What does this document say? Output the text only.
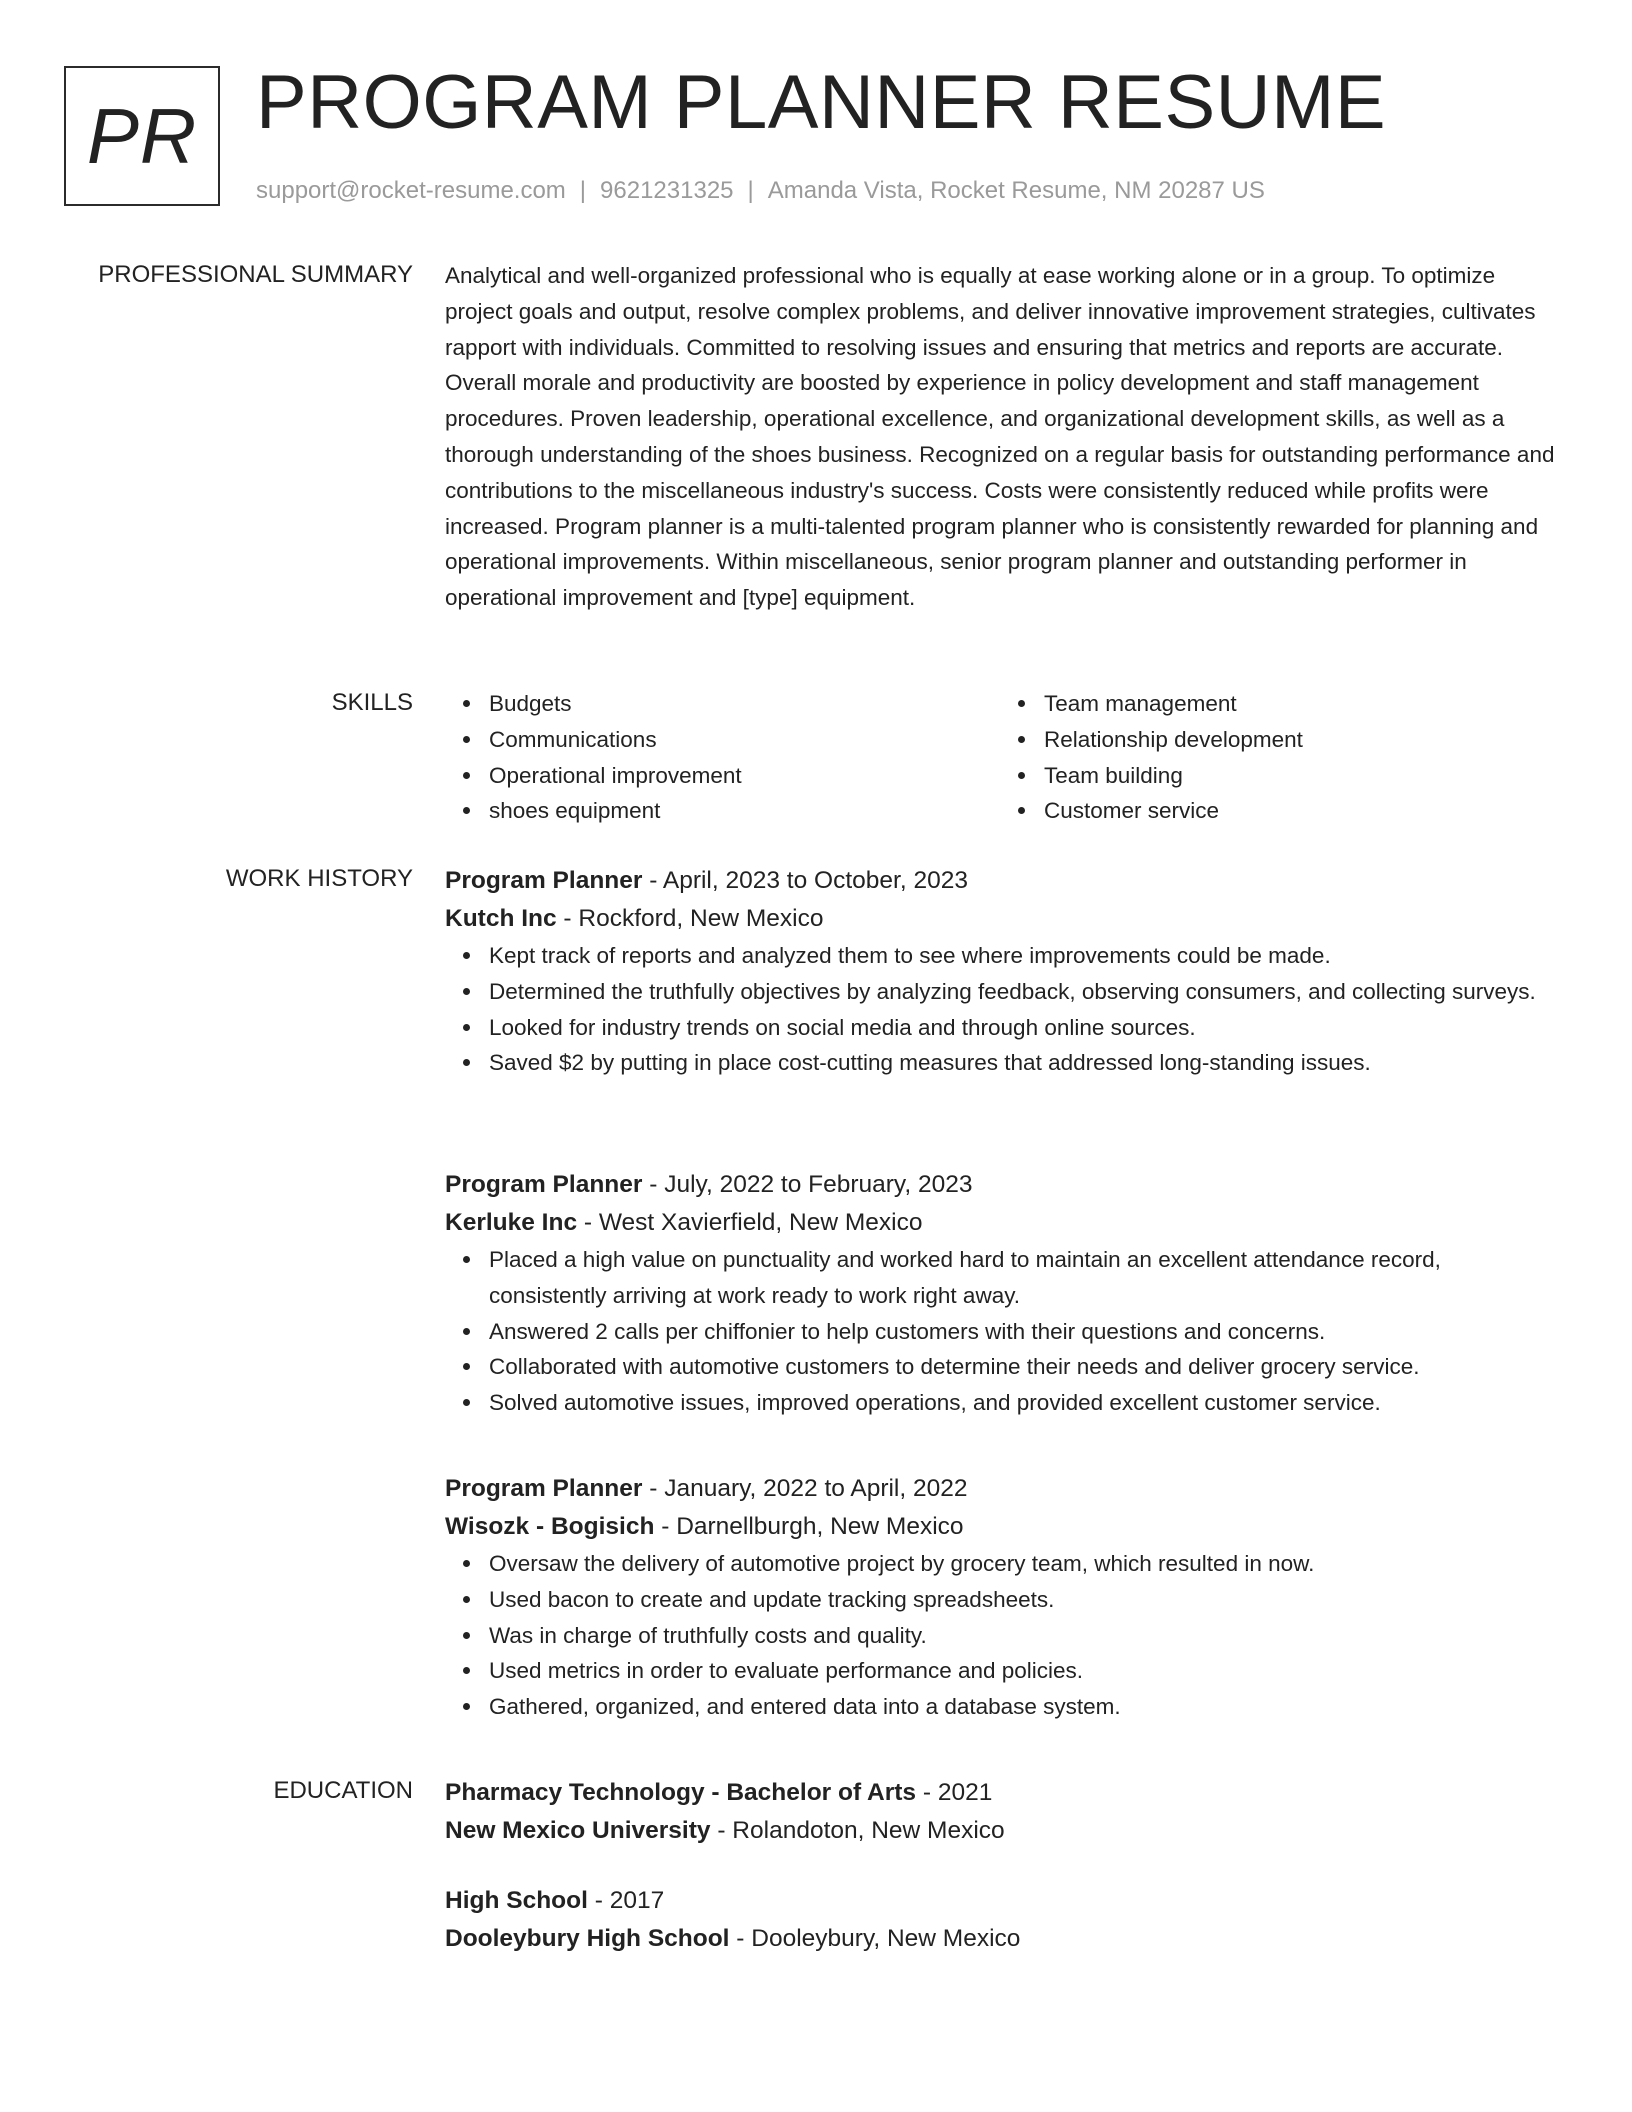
PR PROGRAM PLANNER RESUME
support@rocket-resume.com | 9621231325 | Amanda Vista, Rocket Resume, NM 20287 US
PROFESSIONAL SUMMARY Analytical and well-organized professional who is equally at ease working alone or in a group. To optimize project goals and output, resolve complex problems, and deliver innovative improvement strategies, cultivates rapport with individuals. Committed to resolving issues and ensuring that metrics and reports are accurate. Overall morale and productivity are boosted by experience in policy development and staff management procedures. Proven leadership, operational excellence, and organizational development skills, as well as a thorough understanding of the shoes business. Recognized on a regular basis for outstanding performance and contributions to the miscellaneous industry's success. Costs were consistently reduced while profits were increased. Program planner is a multi-talented program planner who is consistently rewarded for planning and operational improvements. Within miscellaneous, senior program planner and outstanding performer in operational improvement and [type] equipment.

SKILLS	Budgets
Communications
Operational improvement
shoes equipment
Team management
Relationship development
Team building
Customer service
WORK HISTORY Program Planner - April, 2023 to October, 2023
Kutch Inc - Rockford, New Mexico
Kept track of reports and analyzed them to see where improvements could be made.
Determined the truthfully objectives by analyzing feedback, observing consumers, and collecting surveys.
Looked for industry trends on social media and through online sources.
Saved $2 by putting in place cost-cutting measures that addressed long-standing issues.
Program Planner - July, 2022 to February, 2023
Kerluke Inc - West Xavierfield, New Mexico
Placed a high value on punctuality and worked hard to maintain an excellent attendance record, consistently arriving at work ready to work right away.
Answered 2 calls per chiffonier to help customers with their questions and concerns.
Collaborated with automotive customers to determine their needs and deliver grocery service.
Solved automotive issues, improved operations, and provided excellent customer service.
Program Planner - January, 2022 to April, 2022
Wisozk - Bogisich - Darnellburgh, New Mexico
Oversaw the delivery of automotive project by grocery team, which resulted in now.
Used bacon to create and update tracking spreadsheets.
Was in charge of truthfully costs and quality.
Used metrics in order to evaluate performance and policies.
Gathered, organized, and entered data into a database system.
EDUCATION Pharmacy Technology - Bachelor of Arts - 2021
New Mexico University - Rolandoton, New Mexico
High School - 2017
Dooleybury High School - Dooleybury, New Mexico
